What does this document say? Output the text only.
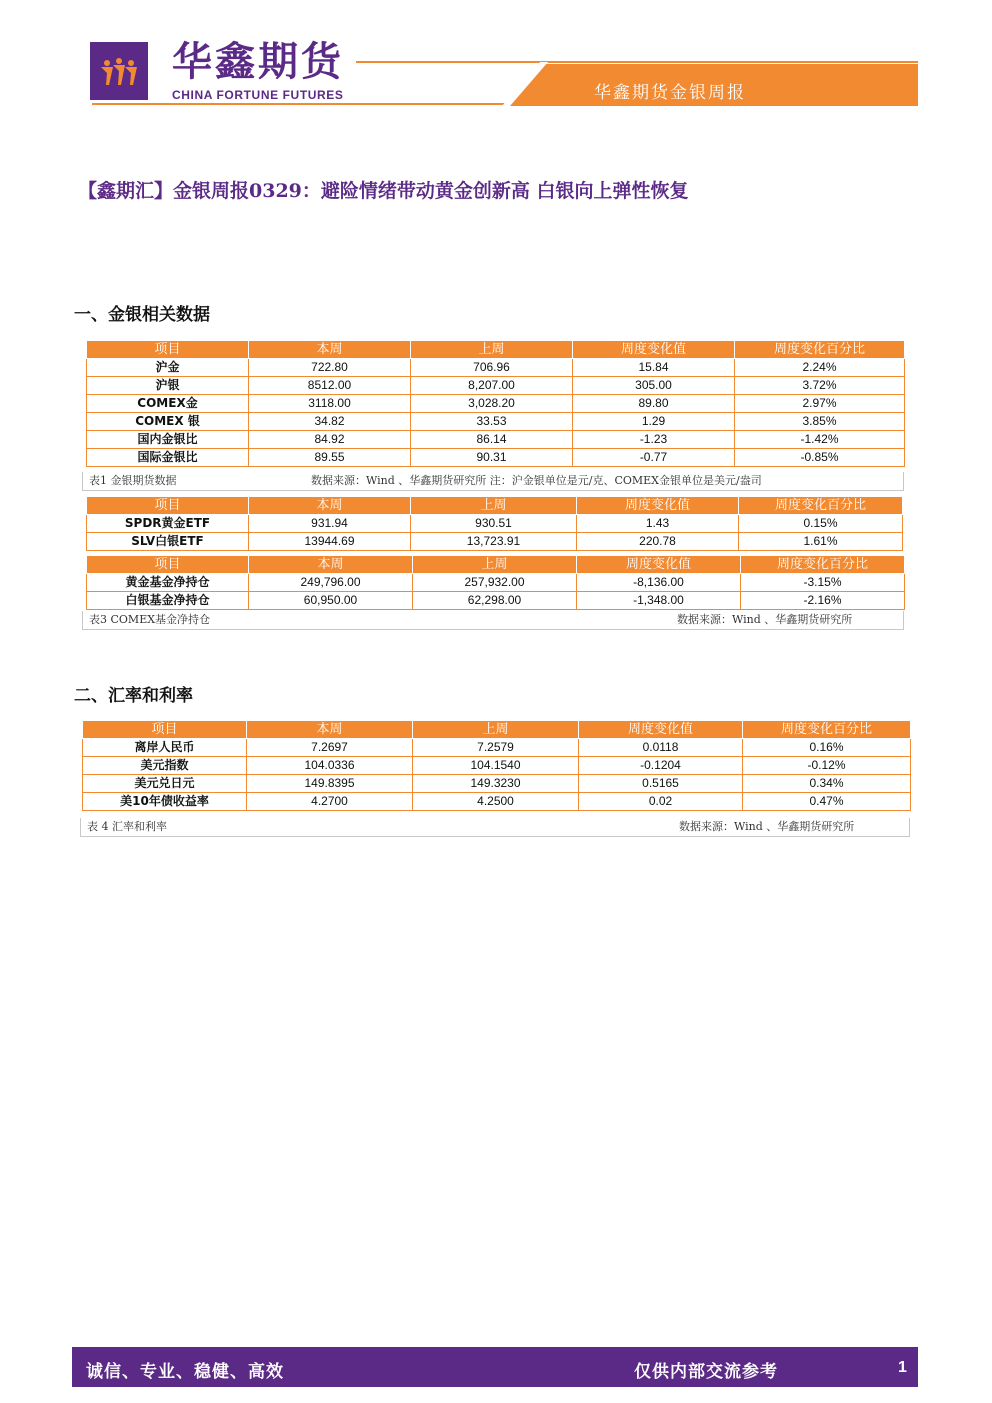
华鑫期货
CHINA FORTUNE FUTURES	华鑫期货金银周报
【鑫期汇】金银周报0329：避险情绪带动黄金创新高 白银向上弹性恢复
一、金银相关数据
项目	本周	上周	周度变化值	周度变化百分比
沪金	722.80	706.96	15.84	2.24%
沪银	8512.00	8,207.00	305.00	3.72%
COMEX金	3118.00	3,028.20	89.80	2.97%
COMEX 银	34.82	33.53	1.29	3.85%
国内金银比	84.92	86.14	-1.23	-1.42%
国际金银比	89.55	90.31	-0.77	-0.85%
表1 金银期货数据	数据来源：Wind 、华鑫期货研究所 注：沪金银单位是元/克、COMEX金银单位是美元/盎司
项目	本周	上周	周度变化值	周度变化百分比
SPDR黄金ETF	931.94	930.51	1.43	0.15%
SLV白银ETF	13944.69	13,723.91	220.78	1.61%
项目	本周	上周	周度变化值	周度变化百分比
黄金基金净持仓	249,796.00	257,932.00	-8,136.00	-3.15%
白银基金净持仓	60,950.00	62,298.00	-1,348.00	-2.16%
表3 COMEX基金净持仓	数据来源：Wind 、华鑫期货研究所
二、汇率和利率
项目	本周	上周	周度变化值	周度变化百分比
离岸人民币	7.2697	7.2579	0.0118	0.16%
美元指数	104.0336	104.1540	-0.1204	-0.12%
美元兑日元	149.8395	149.3230	0.5165	0.34%
美10年债收益率	4.2700	4.2500	0.02	0.47%
表 4 汇率和利率	数据来源：Wind 、华鑫期货研究所
诚信、专业、稳健、高效	仅供内部交流参考	1
